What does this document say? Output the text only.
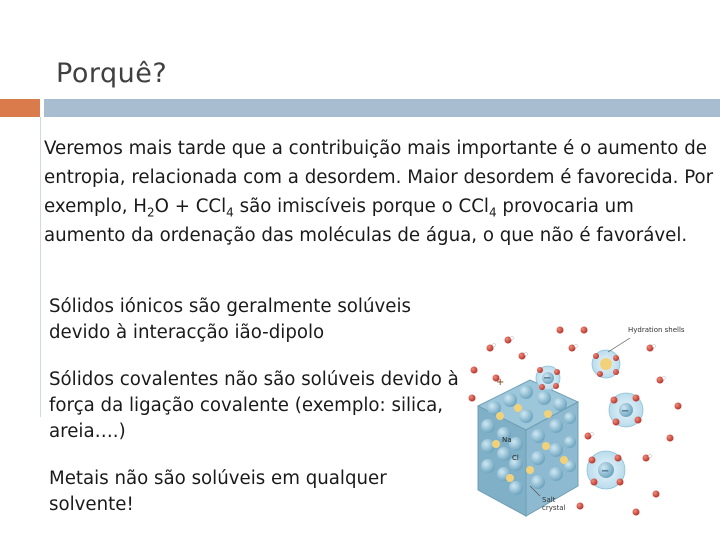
Porquê?
Veremos mais tarde que a contribuição mais importante é o aumento de entropia, relacionada com a desordem. Maior desordem é favorecida. Por exemplo, $H_2O + CCl_4$ são imiscíveis porque o CCl$_4$ provocaria um aumento da ordenação das moléculas de água, o que não é favorável.
Sólidos iónicos são geralmente solúveis devido à interacção ião-dipolo
Sólidos covalentes não são solúveis devido à força da ligação covalente (exemplo: silica, areia….)
Metais não são solúveis em qualquer solvente!
Na
Cl
+	−
−
−
Hydration shells
Salt crystal
